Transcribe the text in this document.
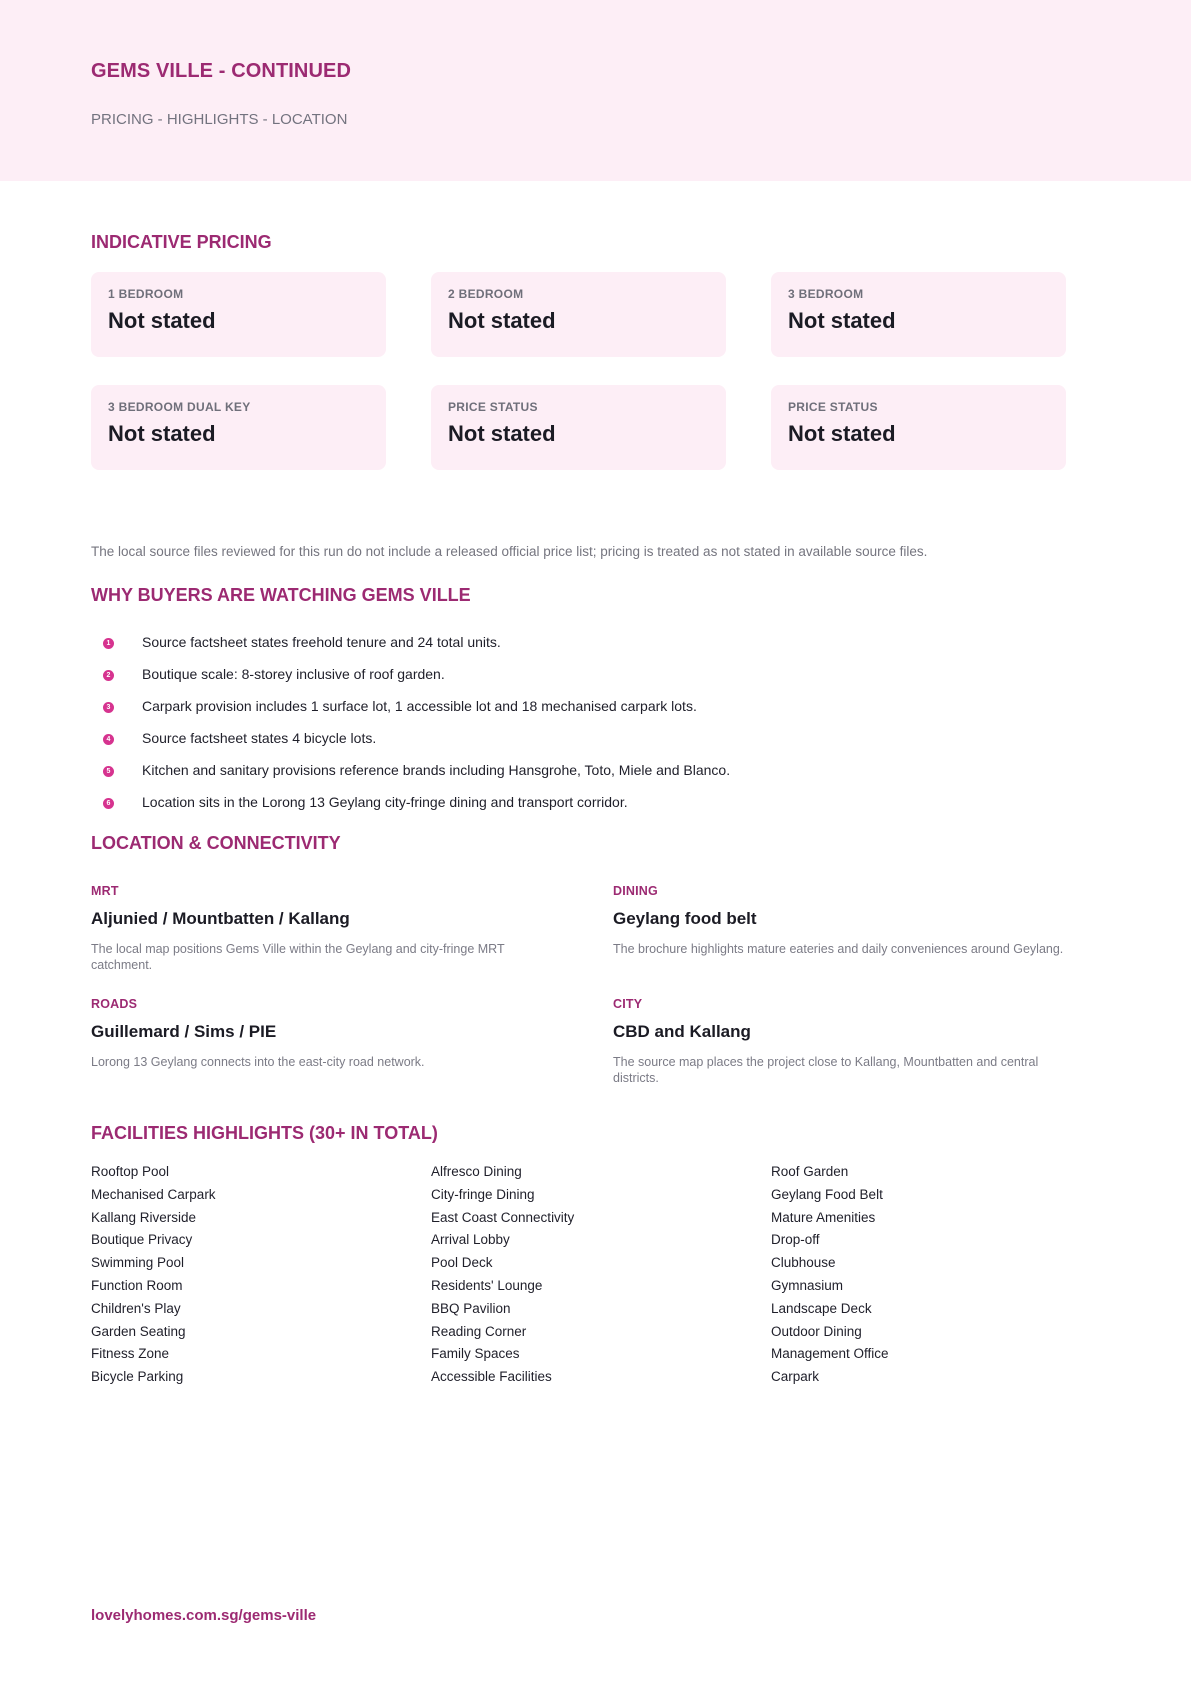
GEMS VILLE - CONTINUED
PRICING - HIGHLIGHTS - LOCATION
INDICATIVE PRICING
1 BEDROOM
Not stated
2 BEDROOM
Not stated
3 BEDROOM
Not stated
3 BEDROOM DUAL KEY
Not stated
PRICE STATUS
Not stated
PRICE STATUS
Not stated
The local source files reviewed for this run do not include a released official price list; pricing is treated as not stated in available source files.
WHY BUYERS ARE WATCHING GEMS VILLE
1 Source factsheet states freehold tenure and 24 total units.
2 Boutique scale: 8-storey inclusive of roof garden.
3 Carpark provision includes 1 surface lot, 1 accessible lot and 18 mechanised carpark lots.
4 Source factsheet states 4 bicycle lots.
5 Kitchen and sanitary provisions reference brands including Hansgrohe, Toto, Miele and Blanco.
6 Location sits in the Lorong 13 Geylang city-fringe dining and transport corridor.
LOCATION & CONNECTIVITY
MRT
Aljunied / Mountbatten / Kallang
The local map positions Gems Ville within the Geylang and city-fringe MRT catchment.
DINING
Geylang food belt
The brochure highlights mature eateries and daily conveniences around Geylang.
ROADS
Guillemard / Sims / PIE
Lorong 13 Geylang connects into the east-city road network.
CITY
CBD and Kallang
The source map places the project close to Kallang, Mountbatten and central districts.
FACILITIES HIGHLIGHTS (30+ IN TOTAL)
Rooftop Pool
Mechanised Carpark
Kallang Riverside
Boutique Privacy
Swimming Pool
Function Room
Children's Play
Garden Seating
Fitness Zone
Bicycle Parking
Alfresco Dining
City-fringe Dining
East Coast Connectivity
Arrival Lobby
Pool Deck
Residents' Lounge
BBQ Pavilion
Reading Corner
Family Spaces
Accessible Facilities
Roof Garden
Geylang Food Belt
Mature Amenities
Drop-off
Clubhouse
Gymnasium
Landscape Deck
Outdoor Dining
Management Office
Carpark
lovelyhomes.com.sg/gems-ville
